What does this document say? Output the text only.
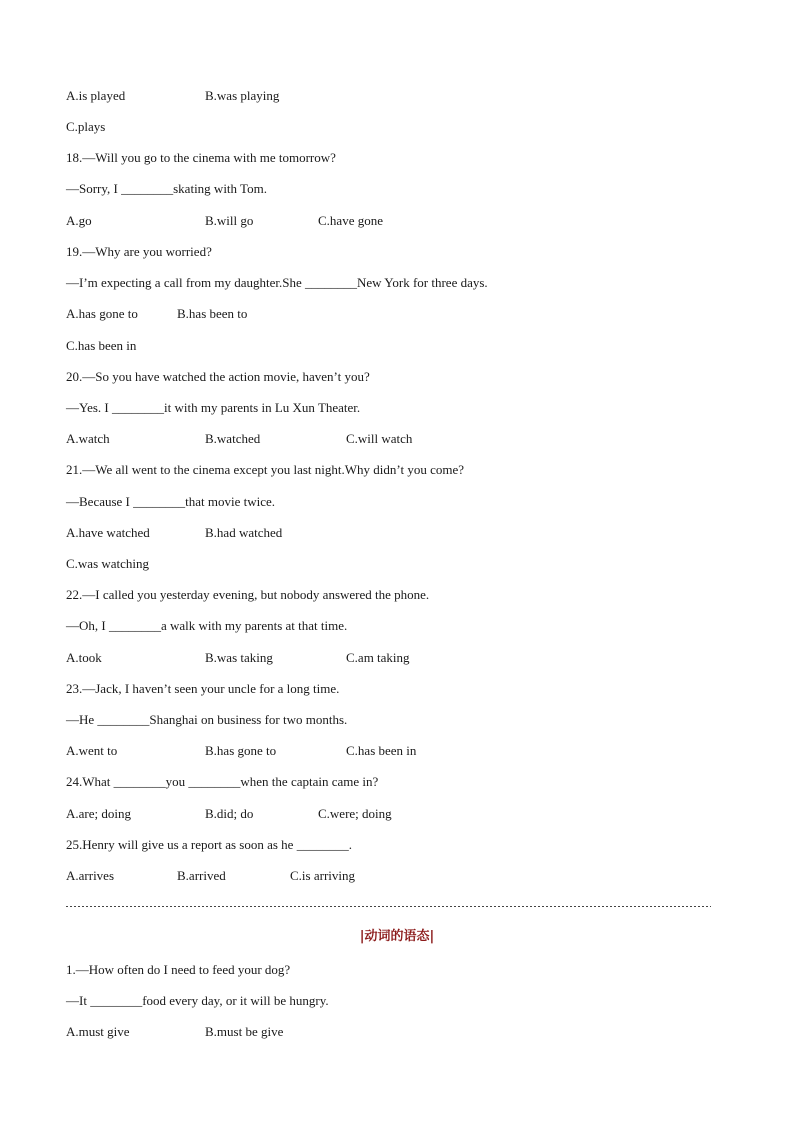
A.is played	B.was playing
C.plays
18.—Will you go to the cinema with me tomorrow?
—Sorry, I ________skating with Tom.
A.go	B.will go	C.have gone
19.—Why are you worried?
—I’m expecting a call from my daughter.She ________New York for three days.
A.has gone to	B.has been to
C.has been in
20.—So you have watched the action movie, haven’t you?
—Yes. I ________it with my parents in Lu Xun Theater.
A.watch	B.watched	C.will watch
21.—We all went to the cinema except you last night.Why didn’t you come?
—Because I ________that movie twice.
A.have watched	B.had watched
C.was watching
22.—I called you yesterday evening, but nobody answered the phone.
—Oh, I ________a walk with my parents at that time.
A.took	B.was taking	C.am taking
23.—Jack, I haven’t seen your uncle for a long time.
—He ________Shanghai on business for two months.
A.went to	B.has gone to	C.has been in
24.What ________you ________when the captain came in?
A.are; doing	B.did; do	C.were; doing
25.Henry will give us a report as soon as he ________.
A.arrives	B.arrived	C.is arriving
|动词的语态|
1.—How often do I need to feed your dog?
—It ________food every day, or it will be hungry.
A.must give	B.must be give
